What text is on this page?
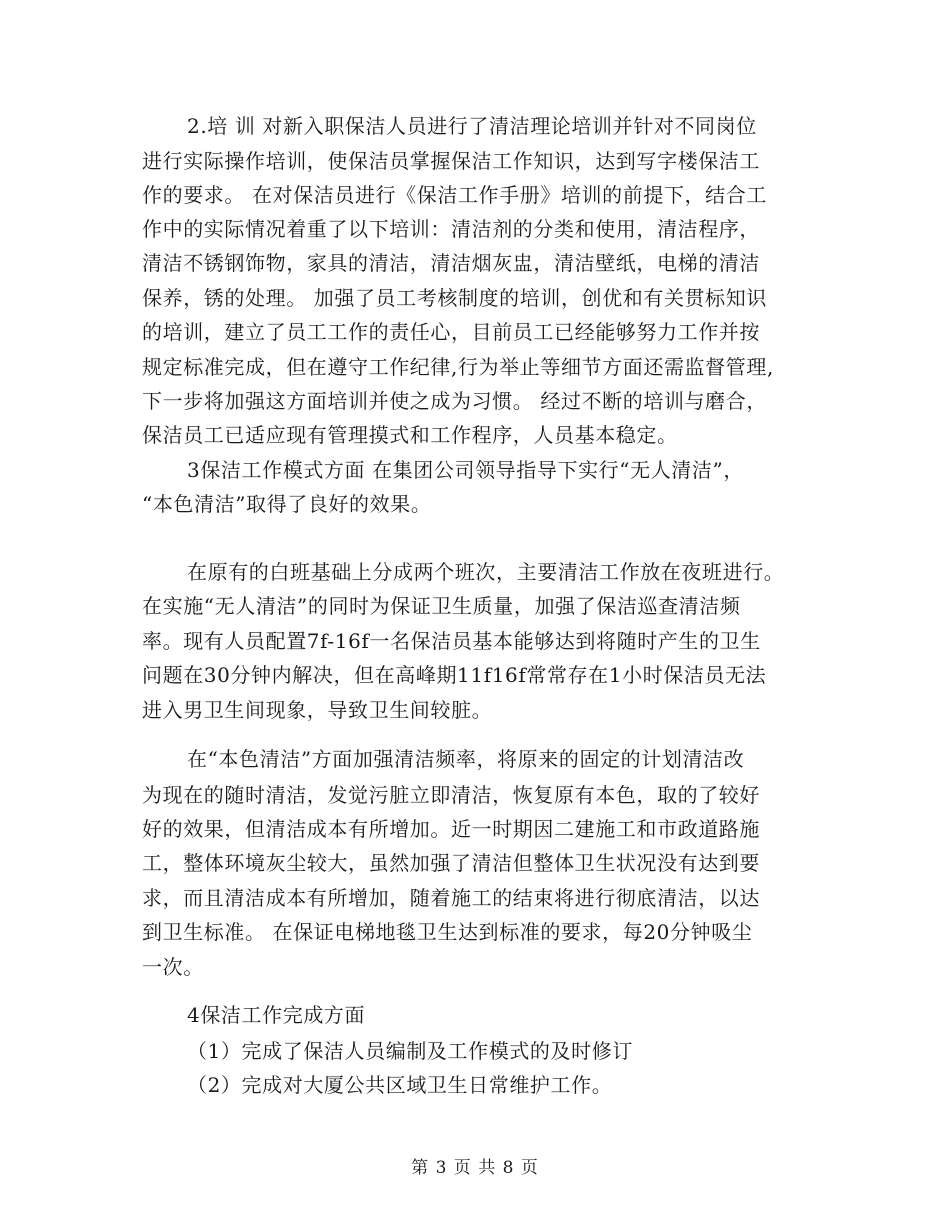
2.培 训 对新入职保洁人员进行了清洁理论培训并针对不同岗位
进行实际操作培训，使保洁员掌握保洁工作知识，达到写字楼保洁工
作的要求。 在对保洁员进行《保洁工作手册》培训的前提下，结合工
作中的实际情况着重了以下培训：清洁剂的分类和使用，清洁程序，
清洁不锈钢饰物，家具的清洁，清洁烟灰盅，清洁壁纸，电梯的清洁
保养，锈的处理。 加强了员工考核制度的培训，创优和有关贯标知识
的培训，建立了员工工作的责任心，目前员工已经能够努力工作并按
规定标准完成，但在遵守工作纪律,行为举止等细节方面还需监督管理,
下一步将加强这方面培训并使之成为习惯。 经过不断的培训与磨合，
保洁员工已适应现有管理摸式和工作程序，人员基本稳定。
3保洁工作模式方面 在集团公司领导指导下实行“无人清洁”，
“本色清洁”取得了良好的效果。
在原有的白班基础上分成两个班次，主要清洁工作放在夜班进行。
在实施“无人清洁”的同时为保证卫生质量，加强了保洁巡查清洁频
率。现有人员配置7f-16f一名保洁员基本能够达到将随时产生的卫生
问题在30分钟内解决，但在高峰期11f16f常常存在1小时保洁员无法
进入男卫生间现象，导致卫生间较脏。
在“本色清洁”方面加强清洁频率，将原来的固定的计划清洁改
为现在的随时清洁，发觉污脏立即清洁，恢复原有本色，取的了较好
好的效果，但清洁成本有所增加。近一时期因二建施工和市政道路施
工，整体环境灰尘较大，虽然加强了清洁但整体卫生状况没有达到要
求，而且清洁成本有所增加，随着施工的结束将进行彻底清洁，以达
到卫生标准。 在保证电梯地毯卫生达到标准的要求，每20分钟吸尘
一次。
4保洁工作完成方面
（1）完成了保洁人员编制及工作模式的及时修订
（2）完成对大厦公共区域卫生日常维护工作。
第 3 页 共 8 页
